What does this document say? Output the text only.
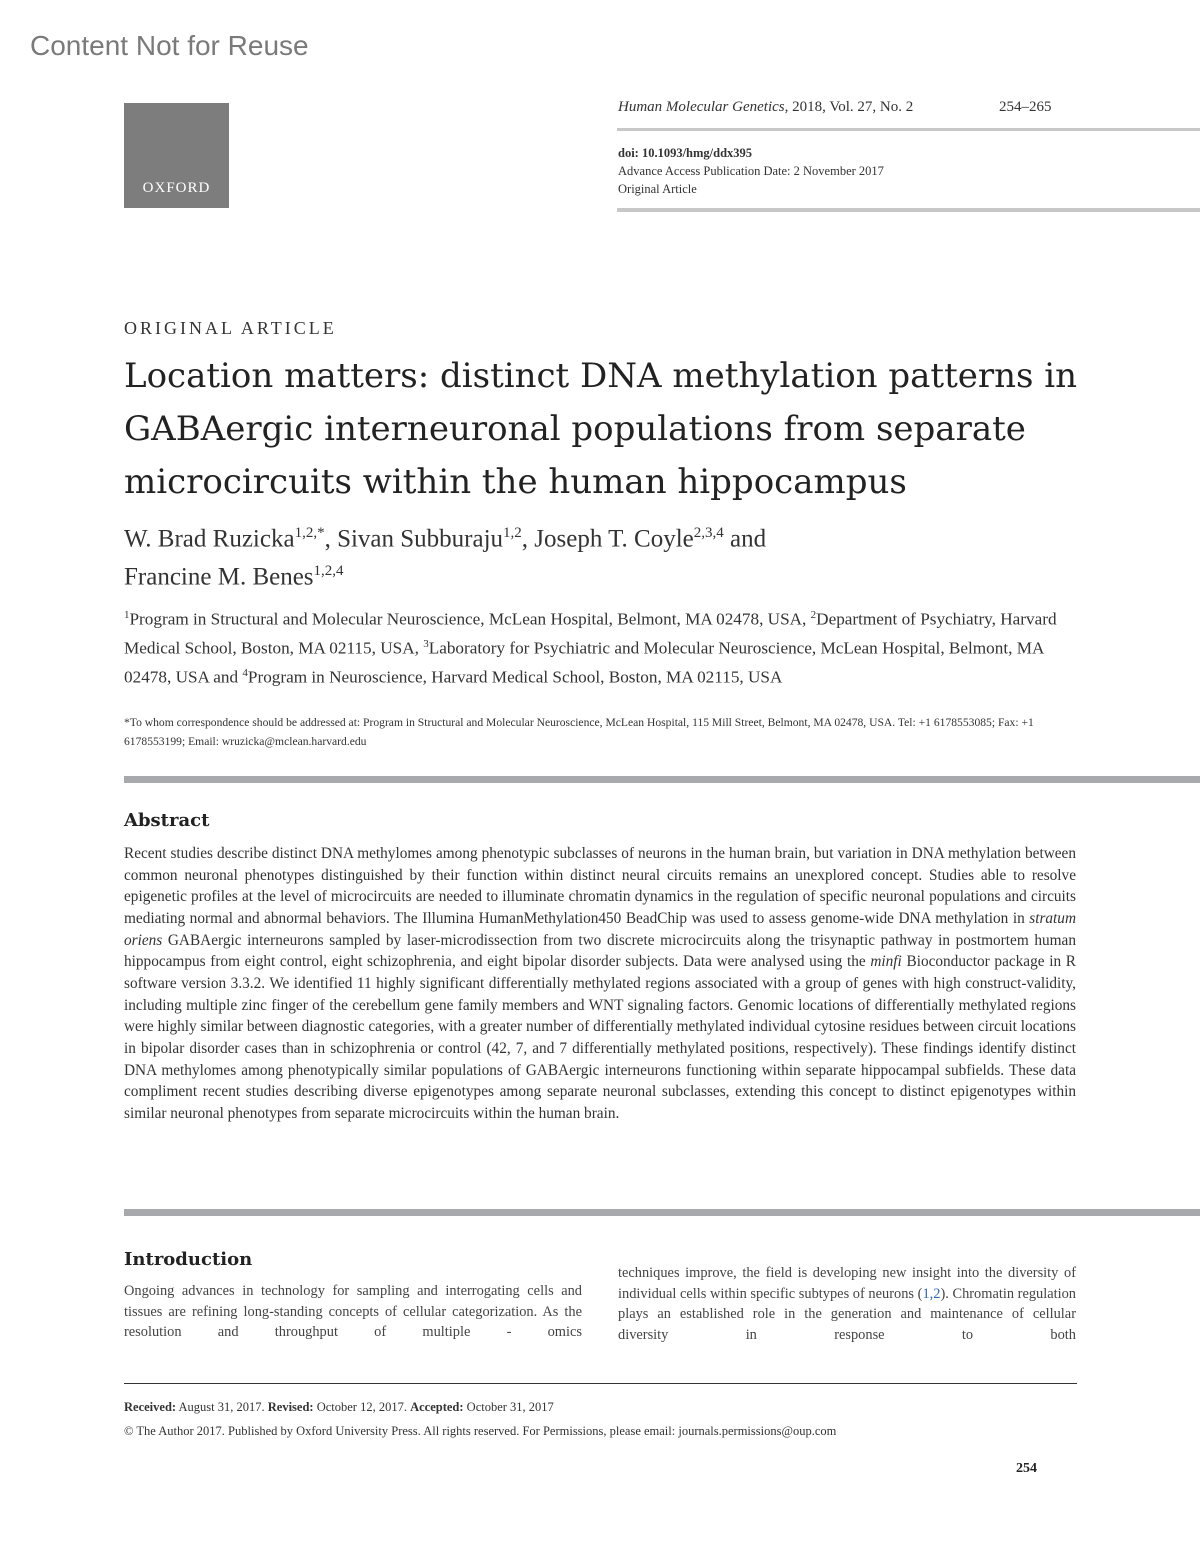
Content Not for Reuse
OXFORD
Human Molecular Genetics, 2018, Vol. 27, No. 2	254–265
doi: 10.1093/hmg/ddx395
Advance Access Publication Date: 2 November 2017
Original Article
ORIGINAL ARTICLE
Location matters: distinct DNA methylation patterns in GABAergic interneuronal populations from separate microcircuits within the human hippocampus
W. Brad Ruzicka$^{1,2,*}$, Sivan Subburaju$^{1,2}$, Joseph T. Coyle$^{2,3,4}$ and
Francine M. Benes$^{1,2,4}$
$^1$Program in Structural and Molecular Neuroscience, McLean Hospital, Belmont, MA 02478, USA, $^2$Department of Psychiatry, Harvard Medical School, Boston, MA 02115, USA, $^3$Laboratory for Psychiatric and Molecular Neuroscience, McLean Hospital, Belmont, MA 02478, USA and $^4$Program in Neuroscience, Harvard Medical School, Boston, MA 02115, USA
*To whom correspondence should be addressed at: Program in Structural and Molecular Neuroscience, McLean Hospital, 115 Mill Street, Belmont, MA 02478, USA. Tel: +1 6178553085; Fax: +1 6178553199; Email: wruzicka@mclean.harvard.edu
Abstract
Recent studies describe distinct DNA methylomes among phenotypic subclasses of neurons in the human brain, but variation in DNA methylation between common neuronal phenotypes distinguished by their function within distinct neural circuits remains an unexplored concept. Studies able to resolve epigenetic profiles at the level of microcircuits are needed to illuminate chromatin dynamics in the regulation of specific neuronal populations and circuits mediating normal and abnormal behaviors. The Illumina HumanMethylation450 BeadChip was used to assess genome-wide DNA methylation in stratum oriens GABAergic interneurons sampled by laser-microdissection from two discrete microcircuits along the trisynaptic pathway in postmortem human hippocampus from eight control, eight schizophrenia, and eight bipolar disorder subjects. Data were analysed using the minfi Bioconductor package in R software version 3.3.2. We identified 11 highly significant differentially methylated regions associated with a group of genes with high construct-validity, including multiple zinc finger of the cerebellum gene family members and WNT signaling factors. Genomic locations of differentially methylated regions were highly similar between diagnostic categories, with a greater number of differentially methylated individual cytosine residues between circuit locations in bipolar disorder cases than in schizophrenia or control (42, 7, and 7 differentially methylated positions, respectively). These findings identify distinct DNA methylomes among phenotypically similar populations of GABAergic interneurons functioning within separate hippocampal subfields. These data compliment recent studies describing diverse epigenotypes among separate neuronal subclasses, extending this concept to distinct epigenotypes within similar neuronal phenotypes from separate microcircuits within the human brain.
Introduction
Ongoing advances in technology for sampling and interrogating cells and tissues are refining long-standing concepts of cellular categorization. As the resolution and throughput of multiple - omics
techniques improve, the field is developing new insight into the diversity of individual cells within specific subtypes of neurons (1,2). Chromatin regulation plays an established role in the generation and maintenance of cellular diversity in response to both
Received: August 31, 2017. Revised: October 12, 2017. Accepted: October 31, 2017
© The Author 2017. Published by Oxford University Press. All rights reserved. For Permissions, please email: journals.permissions@oup.com
254
